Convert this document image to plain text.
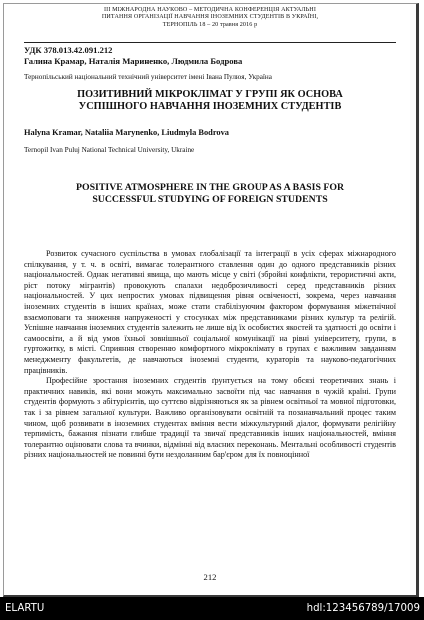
ІІІ МІЖНАРОДНА НАУКОВО – МЕТОДИЧНА КОНФЕРЕНЦІЯ АКТУАЛЬНІ
ПИТАННЯ ОРГАНІЗАЦІЇ НАВЧАННЯ ІНОЗЕМНИХ СТУДЕНТІВ В УКРАЇНІ,
ТЕРНОПІЛЬ 18 – 20 травня 2016 р
УДК 378.013.42.091.212
Галина Крамар, Наталія Мариненко, Людмила Бодрова
Тернопільський національний технічний університет імені Івана Пулюя, Україна
ПОЗИТИВНИЙ МІКРОКЛІМАТ У ГРУПІ ЯК ОСНОВА
УСПІШНОГО НАВЧАННЯ ІНОЗЕМНИХ СТУДЕНТІВ
Halyna Kramar, Nataliia Marynenko, Liudmyla Bodrova
Ternopil Ivan Puluj National Technical University, Ukraine
POSITIVE ATMOSPHERE IN THE GROUP AS A BASIS FOR
SUCCESSFUL STUDYING OF FOREIGN STUDENTS

Розвиток сучасного суспільства в умовах глобалізації та інтеграції в усіх сферах міжнародного спілкування, у т. ч. в освіті, вимагає толерантного ставлення один до одного представників різних національностей. Однак негативні явища, що мають місце у світі (збройні конфлікти, терористичні акти, ріст потоку мігрантів) провокують спалахи недоброзичливості серед представників різних національностей. У цих непростих умовах підвищення рівня освіченості, зокрема, через навчання іноземних студентів в інших країнах, може стати стабілізуючим фактором формування міжетнічної взаємоповаги та зниження напруженості у стосунках між представниками різних культур та релігій. Успішне навчання іноземних студентів залежить не лише від їх особистих якостей та здатності до освіти і самоосвіти, а й від умов їхньої зовнішньої соціальної комунікації на рівні університету, групи, в гуртожитку, в місті. Сприяння створенню комфортного мікроклімату в групах є важливим завданням менеджменту факультетів, де навчаються іноземні студенти, кураторів та науково-педагогічних працівників.

Професійне зростання іноземних студентів ґрунтується на тому обсязі теоретичних знань і практичних навиків, які вони можуть максимально засвоїти під час навчання в чужій країні. Групи студентів формують з абітурієнтів, що суттєво відрізняються як за рівнем освітньої та мовної підготовки, так і за рівнем загальної культури. Важливо організовувати освітній та позанавчальний процес таким чином, щоб розвивати в іноземних студентах вміння вести міжкультурний діалог, формувати релігійну терпимість, бажання пізнати глибше традиції та звичаї представників інших національностей, вміння толерантно оцінювати слова та вчинки, відмінні від власних переконань. Ментальні особливості студентів різних національностей не повинні бути нездоланним бар'єром для їх повноцінної

212
ELARTU	hdl:123456789/17009
